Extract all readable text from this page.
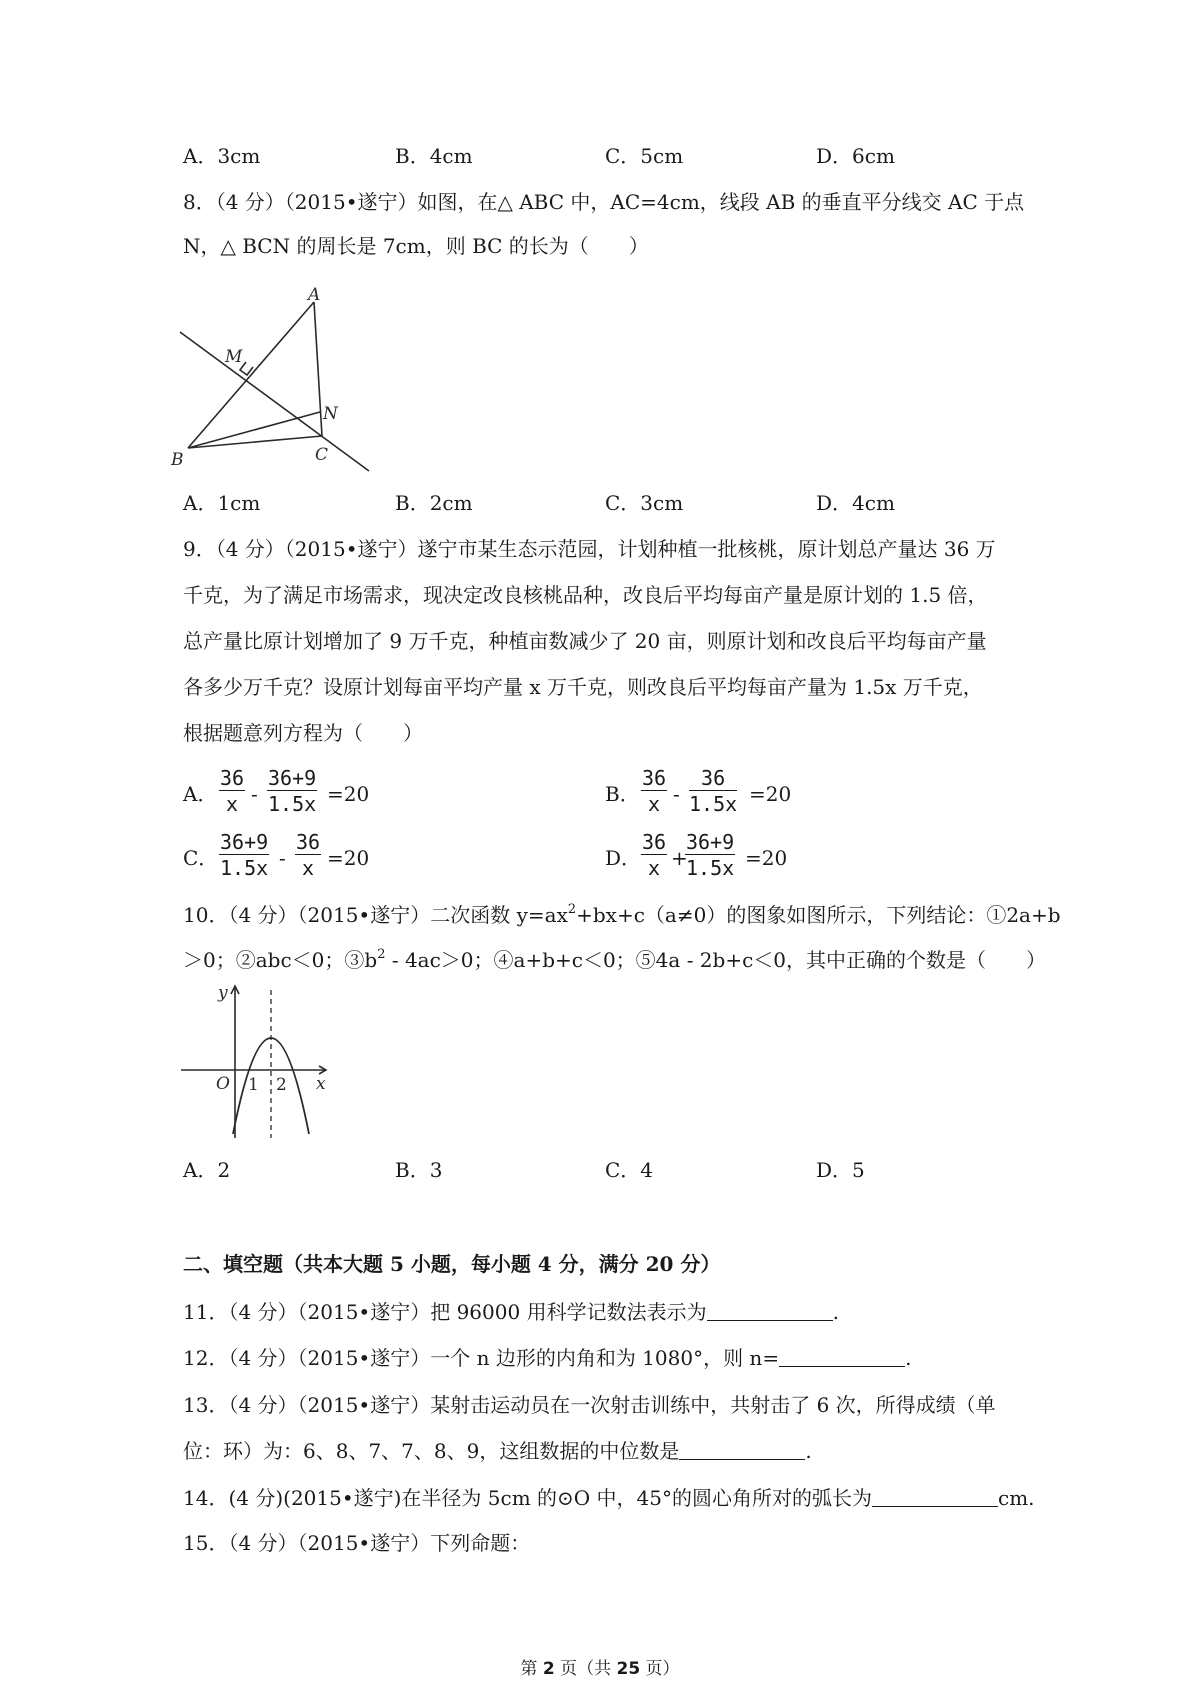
A．3cm	B．4cm	C．5cm	D．6cm
8．（4 分）（2015•遂宁）如图，在△ ABC 中，AC=4cm，线段 AB 的垂直平分线交 AC 于点
N，△ BCN 的周长是 7cm，则 BC 的长为（　　）
A
M
N
B	C
A．1cm	B．2cm	C．3cm	D．4cm
9．（4 分）（2015•遂宁）遂宁市某生态示范园，计划种植一批核桃，原计划总产量达 36 万
千克，为了满足市场需求，现决定改良核桃品种，改良后平均每亩产量是原计划的 1.5 倍，
总产量比原计划增加了 9 万千克，种植亩数减少了 20 亩，则原计划和改良后平均每亩产量
各多少万千克？设原计划每亩平均产量 x 万千克，则改良后平均每亩产量为 1.5x 万千克，
根据题意列方程为（　　）
A． $\frac{36}{x} - \frac{36+9}{1.5x} =20$	B． $\frac{36}{x} - \frac{36}{1.5x} =20$
C． $\frac{36+9}{1.5x} - \frac{36}{x} =20$	D． $\frac{36}{x}$ +
$\frac{36+9}{1.5x} =20$
10．（4 分）（2015•遂宁）二次函数 $y=ax^2+bx+c(a\ne 0)$的图象如图所示，下列结论：①2a+b
＞0；②abc＜0；$③b^2 - 4ac>0$；④a+b+c＜0；⑤4a - 2b+c＜0，其中正确的个数是（　　）
y
x
O 1 2
A．2	B．3	C．4	D．5
二、填空题（共本大题 5 小题，每小题 4 分，满分 20 分）
11．（4 分）（2015•遂宁）把 96000 用科学记数法表示为	.
12．（4 分）（2015•遂宁）一个 n 边形的内角和为 1080°，则 n=	.
13．（4 分）（2015•遂宁）某射击运动员在一次射击训练中，共射击了 6 次，所得成绩（单
位：环）为：6、8、7、7、8、9，这组数据的中位数是	.
14．(4 分)(2015•遂宁)在半径为 5cm 的⊙O 中，45°的圆心角所对的弧长为	cm.
15．（4 分）（2015•遂宁）下列命题：
第 2 页（共 25 页）
